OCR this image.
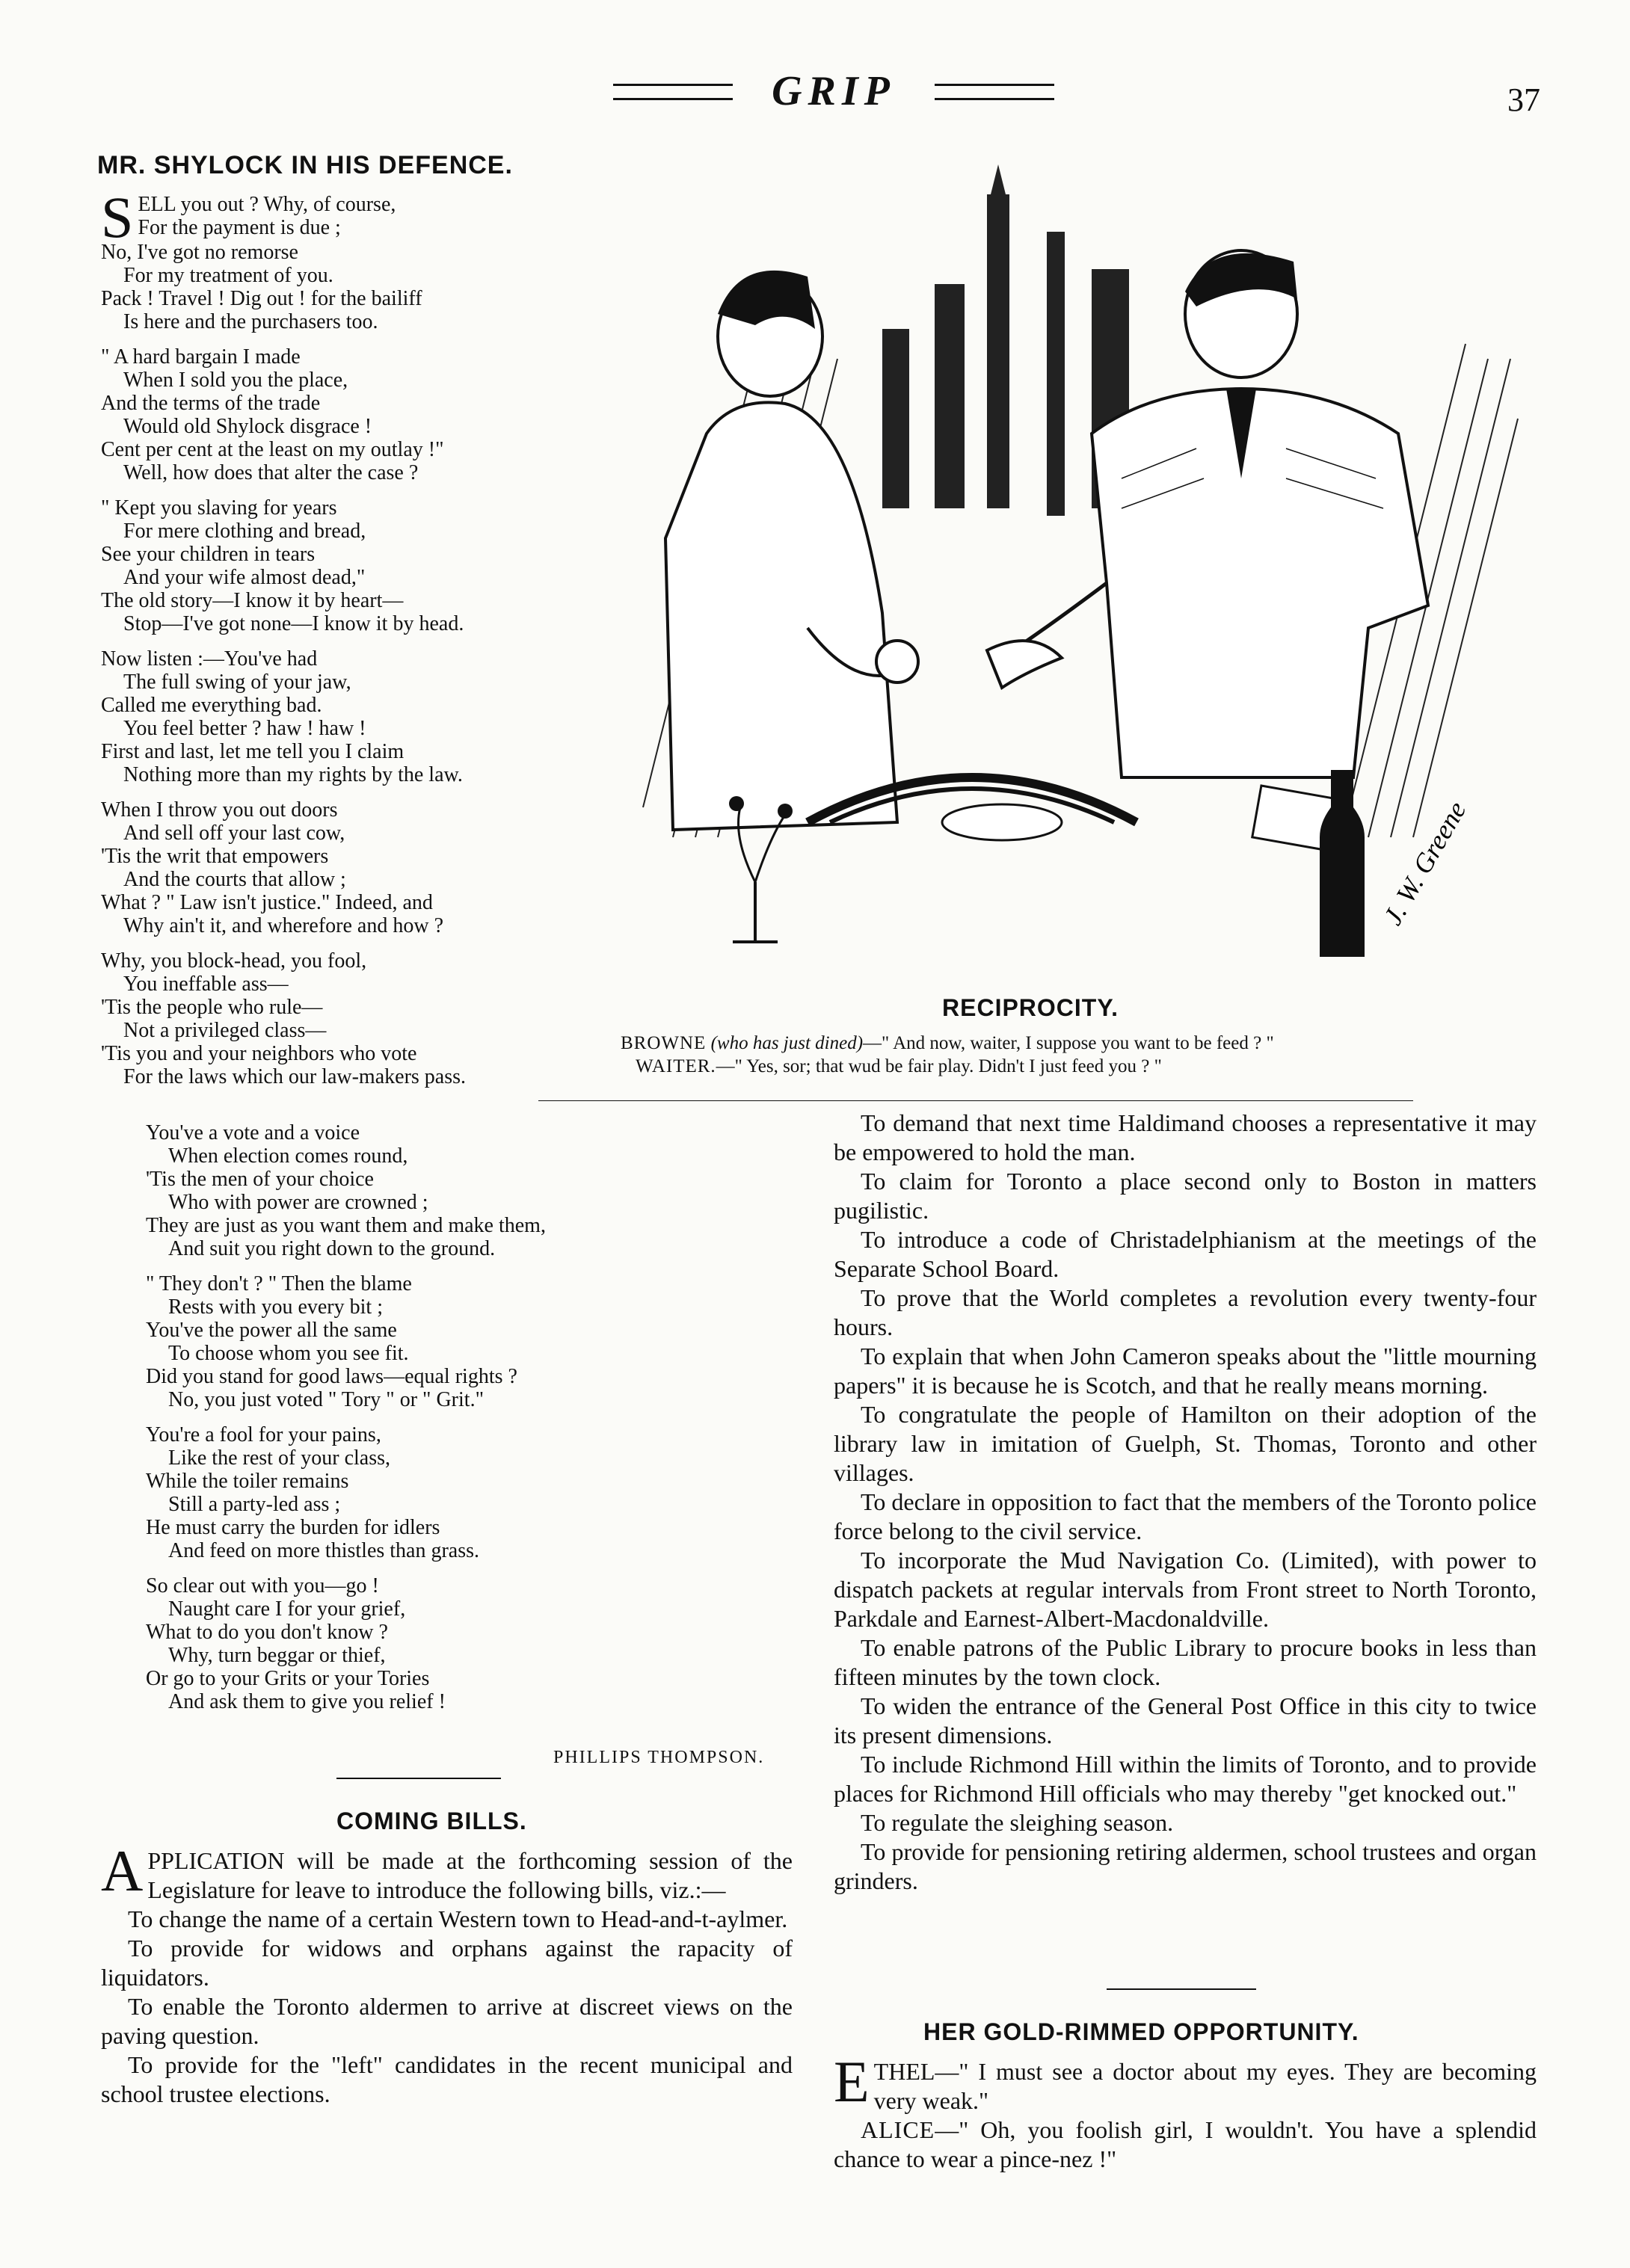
GRIP	37
MR. SHYLOCK IN HIS DEFENCE.
S ELL you out ? Why, of course,

For the payment is due ;

No, I've got no remorse

For my treatment of you.

Pack ! Travel ! Dig out ! for the bailiff

Is here and the purchasers too.

" A hard bargain I made

When I sold you the place,

And the terms of the trade

Would old Shylock disgrace !

Cent per cent at the least on my outlay !"

Well, how does that alter the case ?

" Kept you slaving for years

For mere clothing and bread,

See your children in tears

And your wife almost dead,"

The old story—I know it by heart—

Stop—I've got none—I know it by head.

Now listen :—You've had

The full swing of your jaw,

Called me everything bad.

You feel better ? haw ! haw !

First and last, let me tell you I claim

Nothing more than my rights by the law.

When I throw you out doors

And sell off your last cow,

'Tis the writ that empowers

And the courts that allow ;

What ? " Law isn't justice." Indeed, and

Why ain't it, and wherefore and how ?

Why, you block-head, you fool,

You ineffable ass—

'Tis the people who rule—

Not a privileged class—

'Tis you and your neighbors who vote

For the laws which our law-makers pass.

You've a vote and a voice

When election comes round,

'Tis the men of your choice

Who with power are crowned ;

They are just as you want them and make them,

And suit you right down to the ground.

" They don't ? " Then the blame

Rests with you every bit ;

You've the power all the same

To choose whom you see fit.

Did you stand for good laws—equal rights ?

No, you just voted " Tory " or " Grit."

You're a fool for your pains,

Like the rest of your class,

While the toiler remains

Still a party-led ass ;

He must carry the burden for idlers

And feed on more thistles than grass.

So clear out with you—go !

Naught care I for your grief,

What to do you don't know ?

Why, turn beggar or thief,

Or go to your Grits or your Tories

And ask them to give you relief !

PHILLIPS THOMPSON.
J. W. Greene
RECIPROCITY.
BROWNE (who has just dined)—" And now, waiter, I suppose you want to be feed ? "
WAITER.—" Yes, sor; that wud be fair play. Didn't I just feed you ? "
COMING BILLS.

APPLICATION will be made at the forthcoming session of the Legislature for leave to introduce the following bills, viz.:—

To change the name of a certain Western town to Head-and-t-aylmer.

To provide for widows and orphans against the rapacity of liquidators.

To enable the Toronto aldermen to arrive at discreet views on the paving question.

To provide for the "left" candidates in the recent municipal and school trustee elections.

To demand that next time Haldimand chooses a representative it may be empowered to hold the man.

To claim for Toronto a place second only to Boston in matters pugilistic.

To introduce a code of Christadelphianism at the meetings of the Separate School Board.

To prove that the World completes a revolution every twenty-four hours.

To explain that when John Cameron speaks about the "little mourning papers" it is because he is Scotch, and that he really means morning.

To congratulate the people of Hamilton on their adoption of the library law in imitation of Guelph, St. Thomas, Toronto and other villages.

To declare in opposition to fact that the members of the Toronto police force belong to the civil service.

To incorporate the Mud Navigation Co. (Limited), with power to dispatch packets at regular intervals from Front street to North Toronto, Parkdale and Earnest-Albert-Macdonaldville.

To enable patrons of the Public Library to procure books in less than fifteen minutes by the town clock.

To widen the entrance of the General Post Office in this city to twice its present dimensions.

To include Richmond Hill within the limits of Toronto, and to provide places for Richmond Hill officials who may thereby "get knocked out."

To regulate the sleighing season.

To provide for pensioning retiring aldermen, school trustees and organ grinders.

HER GOLD-RIMMED OPPORTUNITY.

ETHEL—" I must see a doctor about my eyes. They are becoming very weak."

ALICE—" Oh, you foolish girl, I wouldn't. You have a splendid chance to wear a pince-nez !"
